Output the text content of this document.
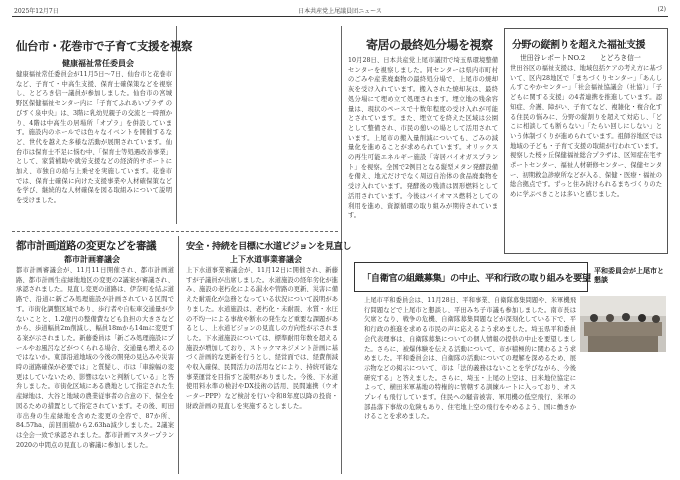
2025年12月7日	日本共産党上尾議員団ニュース	(2)
仙台市・花巻市で子育て支援を視察
健康福祉常任委員会

健康福祉常任委員会が11月5日～7日、仙台市と花巻市など、子育て・中高生支援、保育士確保策などを視察し、とどろき信一議員が参加しました。仙台市の宮城野区保健福祉センター内に「子育てふれあいプラザ のびすく泉中央」は、3階に乳幼児親子の交流と一時預かり、4階は中高生の居場所「オプラ」を併設しています。施設内のホールでは色々なイベントを開催するなど、世代を越えた多様な活動が展開されています。仙台市は保育士不足に悩む中、「保育士等処遇改善事業」として、家賃補助や就労支援などの経済的サポートに加え、市独自の給与上乗せを実施しています。花巻市では、保育士確保に向けた支援事業や人材確保策などを学び、継続的な人材確保を図る取組みについて説明を受けました。

都市計画道路の変更などを審議
都市計画審議会

都市計画審議会が、11月11日開催され、都市計画道路、都市計画生産緑地地区の変更の2議案が審議され、承認されました。見直し変更の道路は、伊奈町を結ぶ道路で、沿道に新ごみ処理施設が計画されている区間です。市街化調整区域であり、歩行者や自転車交通量が少ないことと、1.2億円の整備費なども負担の大きさなどから、歩道幅員2m削減し、幅員18mから14mに変更する案が示されました。新藤委員は「新ごみ処理施設にプールやお風呂などがつくられる場合、交通量も増えるのではないか。東部沿道地域の今後の開発の見込みや災害時の道路確保が必要では」と質疑し、市は「車線幅の変更はしていないため、影響はないと判断している」と答弁しました。市街化区域にある農地として指定された生産緑地は、大谷と地域の農業従事者の合意の下、保全を図るための措置として指定されています。その後、町田市出身の生産緑地を含めた変更の全容で、87か所、84.57ha、前回面積から2.63ha減少しました。2議案は全会一致で承認されました。都市計画マスタープラン2020の中間点の見直しの審議に参加しました。

安全・持続を目標に水道ビジョンを見直し
上下水道事業審議会

上下水道事業審議会が、11月12日に開催され、新藤すが子議員が出席しました。水道施設の経年劣化が進み、施設の老朽化による漏水や管路の更新、災害に備えた耐震化が急務となっている状況について説明がありました。水道施設は、老朽化・未耐震、水質・水圧の不均一による事故や断水の発生など重要な課題があるとし、上水道ビジョンの見直しの方向性が示されました。下水道施設については、標準耐用年数を超える施設が増加しており、ストックマネジメント計画に基づく計画的な更新を行うとし、経営面では、経費削減や収入確保、民間活力の活用などにより、持続可能な事業運営を目指すと説明がありました。今後、下水道使用料水準の検討やDX技術の活用、民間連携（ウオーターPPP）など検討を行い令和8年度以降の投資・財政計画の見直しを実施するとしました。

寄居の最終処分場を視察

10月28日、日本共産党上尾市議団で埼玉県環境整備センターを視察しました。同センターは県内市町村のごみや産業廃棄物の最終処分場で、上尾市の焼却灰を受け入れています。搬入された焼却灰は、最終処分場にて埋め立て処理されます。埋立地の残余容量は、現状のペースで十数年程度の受け入れが可能とされています。また、埋立てを終えた区域は公園として整備され、市民の憩いの場として活用されています。上尾市の搬入量削減についても、ごみの減量化を進めることが求められています。オリックスの再生可能エネルギー施設「寄居バイオガスプラント」を視察。全国で2例目となる縦型メタン発酵設備を備え、地元だけでなく周辺自治体の食品廃棄物を受け入れています。発酵後の残渣は固形燃料として活用されています。今後はバイオマス燃料としての利用を進め、資源循環の取り組みが期待されています。

分野の縦割りを超えた福祉支援
世田谷レポートNO.2 とどろき信一

世田谷区の福祉支援は、地域包括ケアの考え方に基づいて、区内28地区で「まちづくりセンター」「あんしんすこやかセンター」「社会福祉協議会（社協）」「子どもに関する支援」の4者連携を推進しています。認知症、介護、障がい、子育てなど、複雑化・複合化する住民の悩みに、分野の縦割りを超えて対応し、「どこに相談しても断らない」「たらい回しにしない」という体制づくりが進められています。祖師谷地区では地域の子ども・子育て支援の取組が行われています。視察した桜ヶ丘保健福祉総合プラザは、区知症在宅サポートセンター、福祉人材研修センター、保健センター、初期救急診療所などが入る、保健・医療・福祉の総合拠点です。ずっと住み続けられるまちづくりのために学ぶべきことは多いと感じました。

「自衛官の組織募集」の中止、平和行政の取り組みを要望
平和委員会が上尾市と懇談

上尾市平和委員会は、11月28日、平和事業、自衛隊募集問題や、米軍機飛行問題などで上尾市と懇談し、平田みち子市議も参加しました。南市長は欠席となり、戦争の危機、自衛隊募集問題などが深刻化している下で、平和行政の推進を求める市民の声に応えるよう求めました。埼玉県平和委員会代表理事は、自衛隊募集についての個人情報の提供の中止を要望しました。さらに、被爆体験を伝える活動について、市が積極的に関わるよう求めました。平和委員会は、自衛隊の活動についての理解を深めるため、展示物などの掲示について、市は「法的義務はないことを学びながら、今後研究する」と答えました。さらに、埼玉・上尾の上空は、日米地位協定によって、横田米軍基地の特権的に管轄する訓練ルートに入っており、オスプレイも飛行しています。住民への騒音被害、軍用機の低空飛行、米軍の部品落下事故の危険もあり、住宅地上空の飛行をやめるよう、国に働きかけることを求めました。
